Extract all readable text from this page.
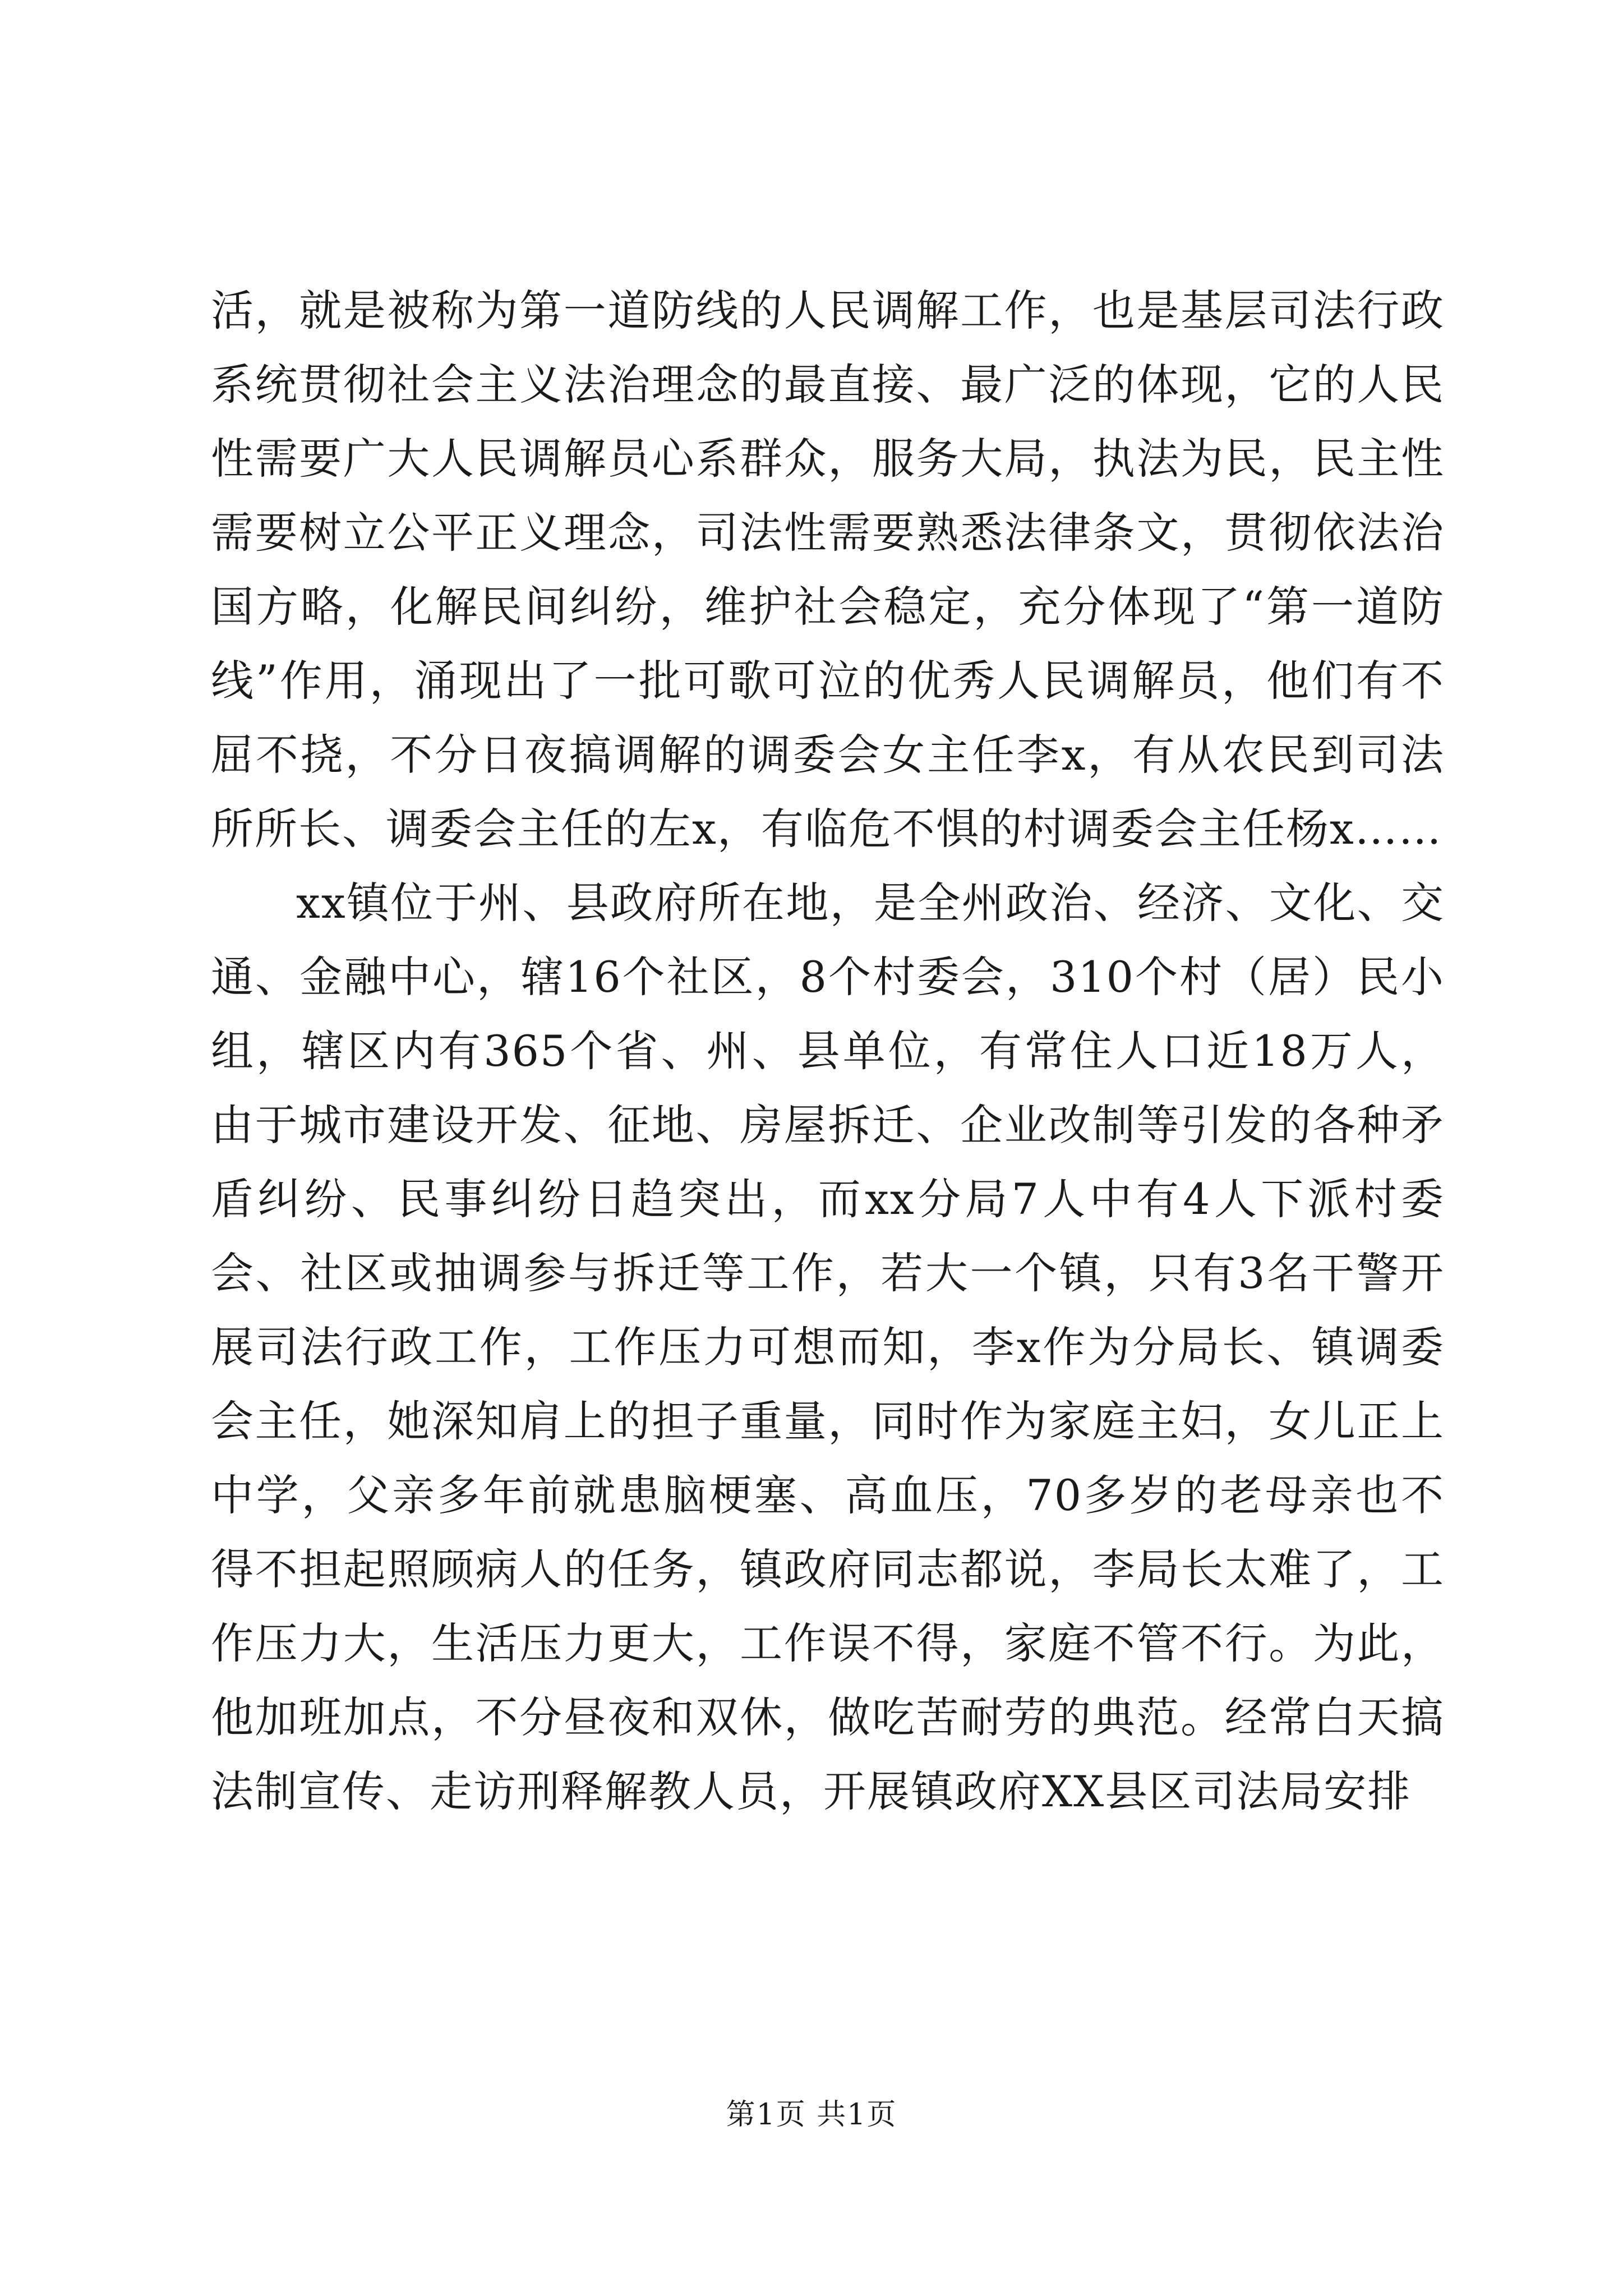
活，就是被称为第一道防线的人民调解工作，也是基层司法行政系统贯彻社会主义法治理念的最直接、最广泛的体现，它的人民性需要广大人民调解员心系群众，服务大局，执法为民，民主性需要树立公平正义理念，司法性需要熟悉法律条文，贯彻依法治国方略，化解民间纠纷，维护社会稳定，充分体现了“第一道防线”作用，涌现出了一批可歌可泣的优秀人民调解员，他们有不屈不挠，不分日夜搞调解的调委会女主任李x，有从农民到司法所所长、调委会主任的左x，有临危不惧的村调委会主任杨x……

xx镇位于州、县政府所在地，是全州政治、经济、文化、交通、金融中心，辖16个社区，8个村委会，310个村（居）民小组，辖区内有365个省、州、县单位，有常住人口近18万人，由于城市建设开发、征地、房屋拆迁、企业改制等引发的各种矛盾纠纷、民事纠纷日趋突出，而xx分局7人中有4人下派村委会、社区或抽调参与拆迁等工作，若大一个镇，只有3名干警开展司法行政工作，工作压力可想而知，李x作为分局长、镇调委会主任，她深知肩上的担子重量，同时作为家庭主妇，女儿正上中学，父亲多年前就患脑梗塞、高血压，70多岁的老母亲也不得不担起照顾病人的任务，镇政府同志都说，李局长太难了，工作压力大，生活压力更大，工作误不得，家庭不管不行。为此，他加班加点，不分昼夜和双休，做吃苦耐劳的典范。经常白天搞法制宣传、走访刑释解教人员，开展镇政府XX县区司法局安排

第1页 共1页
